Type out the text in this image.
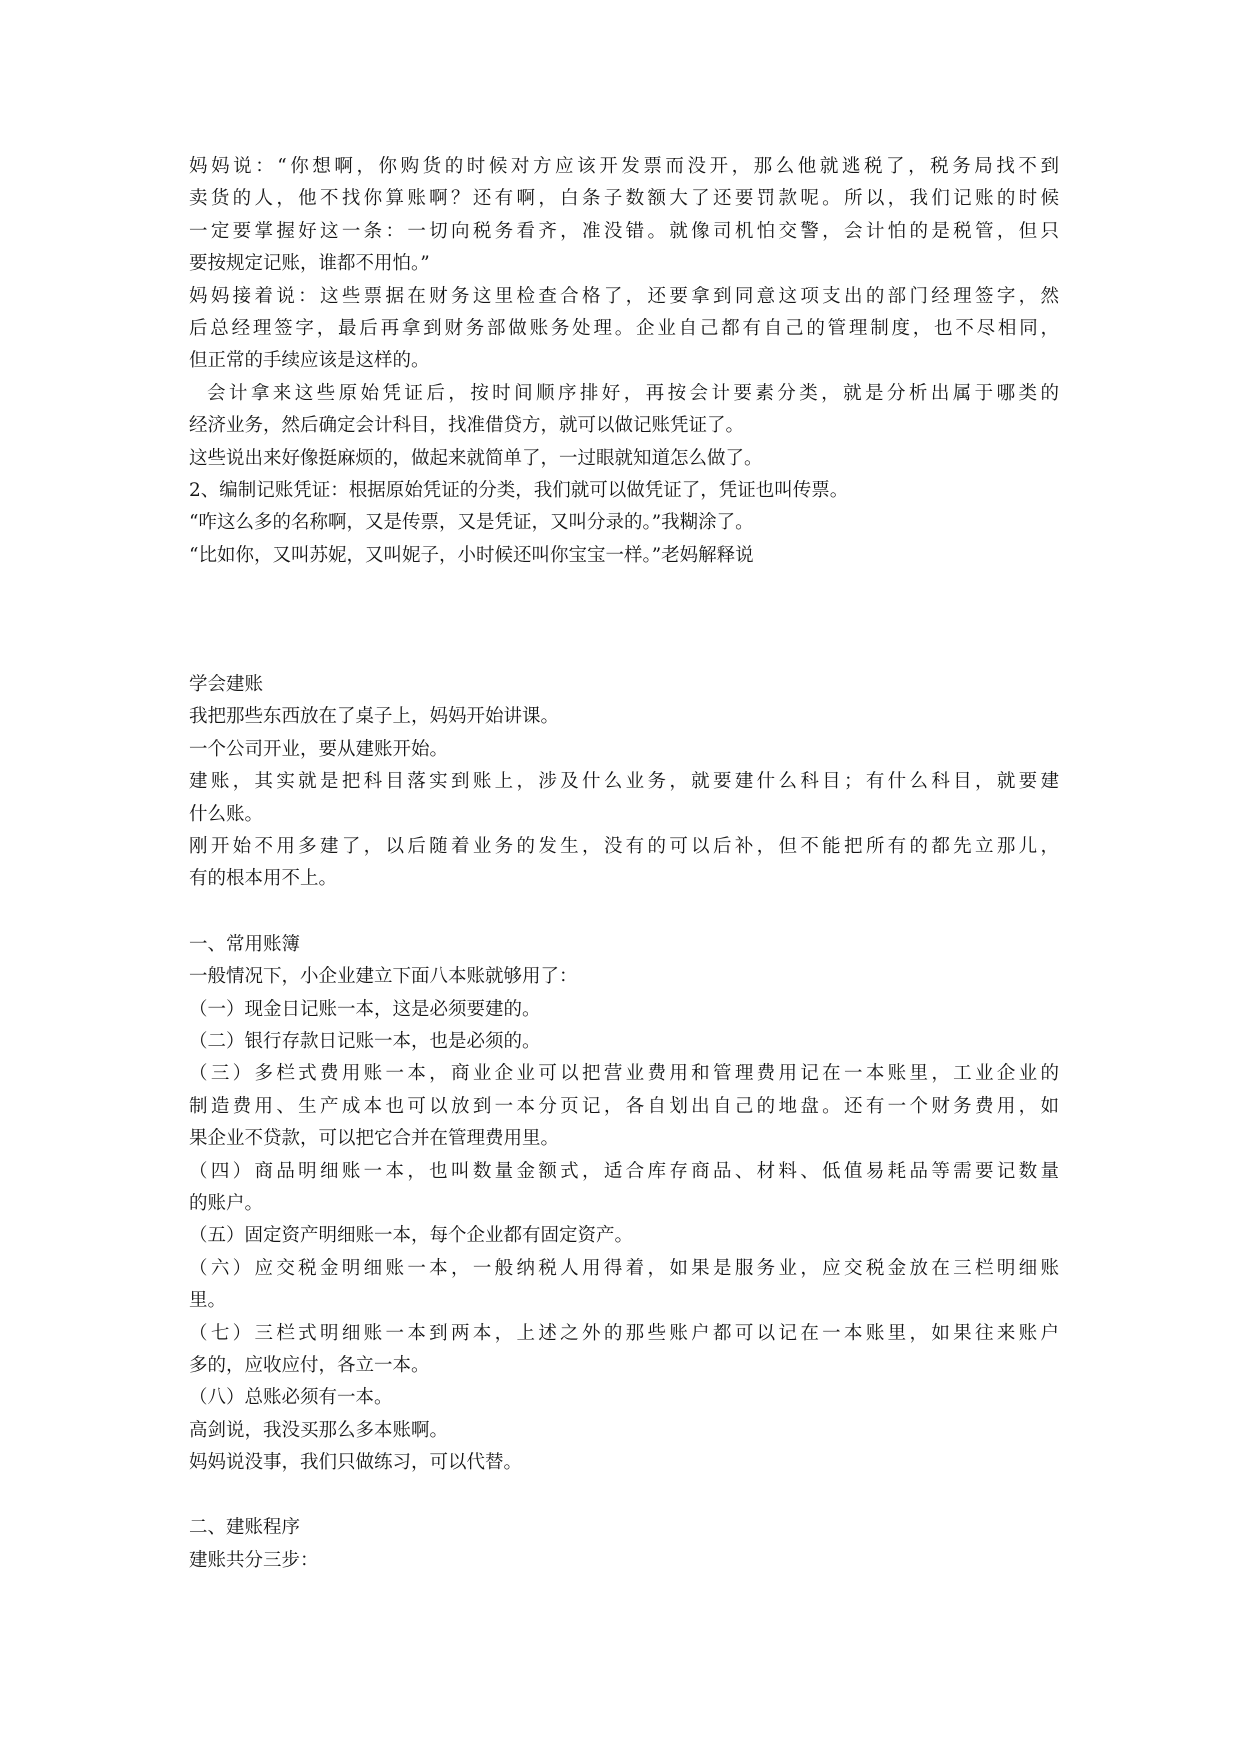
妈妈说：“你想啊，你购货的时候对方应该开发票而没开，那么他就逃税了，税务局找不到
卖货的人，他不找你算账啊？还有啊，白条子数额大了还要罚款呢。所以，我们记账的时候
一定要掌握好这一条：一切向税务看齐，准没错。就像司机怕交警，会计怕的是税管，但只
要按规定记账，谁都不用怕。”
妈妈接着说：这些票据在财务这里检查合格了，还要拿到同意这项支出的部门经理签字，然
后总经理签字，最后再拿到财务部做账务处理。企业自己都有自己的管理制度，也不尽相同，
但正常的手续应该是这样的。
会计拿来这些原始凭证后，按时间顺序排好，再按会计要素分类，就是分析出属于哪类的
经济业务，然后确定会计科目，找准借贷方，就可以做记账凭证了。
这些说出来好像挺麻烦的，做起来就简单了，一过眼就知道怎么做了。
2、编制记账凭证：根据原始凭证的分类，我们就可以做凭证了，凭证也叫传票。
“咋这么多的名称啊，又是传票，又是凭证，又叫分录的。”我糊涂了。
“比如你，又叫苏妮，又叫妮子，小时候还叫你宝宝一样。”老妈解释说
学会建账
我把那些东西放在了桌子上，妈妈开始讲课。
一个公司开业，要从建账开始。
建账，其实就是把科目落实到账上，涉及什么业务，就要建什么科目；有什么科目，就要建
什么账。
刚开始不用多建了，以后随着业务的发生，没有的可以后补，但不能把所有的都先立那儿，
有的根本用不上。
一、常用账簿
一般情况下，小企业建立下面八本账就够用了：
（一）现金日记账一本，这是必须要建的。
（二）银行存款日记账一本，也是必须的。
（三）多栏式费用账一本，商业企业可以把营业费用和管理费用记在一本账里，工业企业的
制造费用、生产成本也可以放到一本分页记，各自划出自己的地盘。还有一个财务费用，如
果企业不贷款，可以把它合并在管理费用里。
（四）商品明细账一本，也叫数量金额式，适合库存商品、材料、低值易耗品等需要记数量
的账户。
（五）固定资产明细账一本，每个企业都有固定资产。
（六）应交税金明细账一本，一般纳税人用得着，如果是服务业，应交税金放在三栏明细账
里。
（七）三栏式明细账一本到两本，上述之外的那些账户都可以记在一本账里，如果往来账户
多的，应收应付，各立一本。
（八）总账必须有一本。
高剑说，我没买那么多本账啊。
妈妈说没事，我们只做练习，可以代替。
二、建账程序
建账共分三步：
